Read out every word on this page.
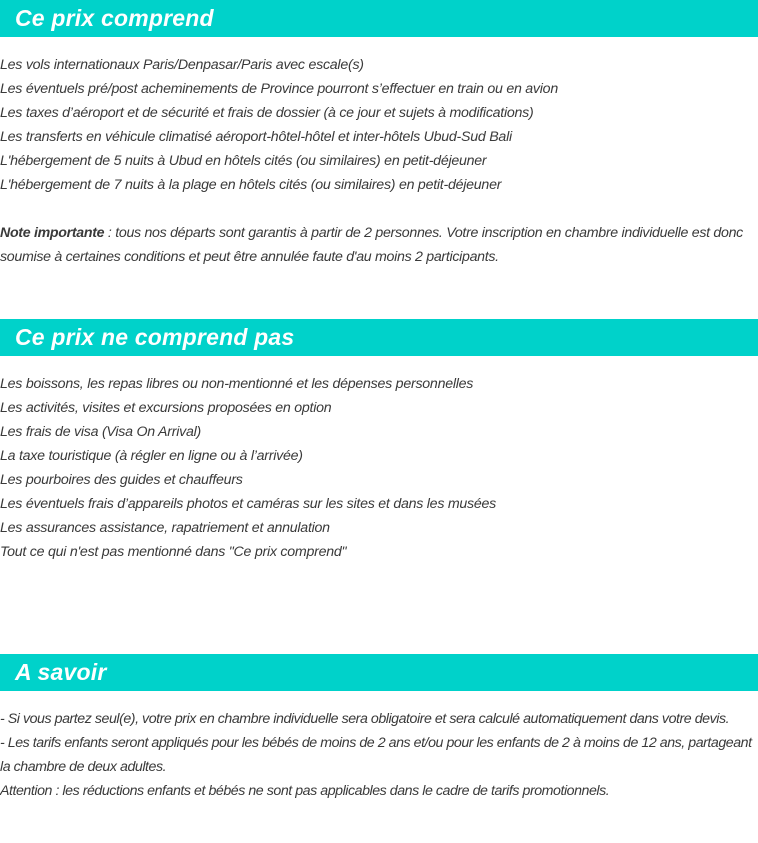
Ce prix comprend
Les vols internationaux Paris/Denpasar/Paris avec escale(s)
Les éventuels pré/post acheminements de Province pourront s’effectuer en train ou en avion
Les taxes d’aéroport et de sécurité et frais de dossier (à ce jour et sujets à modifications)
Les transferts en véhicule climatisé aéroport-hôtel-hôtel et inter-hôtels Ubud-Sud Bali
L'hébergement de 5 nuits à Ubud en hôtels cités (ou similaires) en petit-déjeuner
L'hébergement de 7 nuits à la plage en hôtels cités (ou similaires) en petit-déjeuner

Note importante : tous nos départs sont garantis à partir de 2 personnes. Votre inscription en chambre individuelle est donc soumise à certaines conditions et peut être annulée faute d'au moins 2 participants.

Ce prix ne comprend pas
Les boissons, les repas libres ou non-mentionné et les dépenses personnelles
Les activités, visites et excursions proposées en option
Les frais de visa (Visa On Arrival)
La taxe touristique (à régler en ligne ou à l’arrivée)
Les pourboires des guides et chauffeurs
Les éventuels frais d’appareils photos et caméras sur les sites et dans les musées
Les assurances assistance, rapatriement et annulation
Tout ce qui n'est pas mentionné dans "Ce prix comprend"
A savoir
- Si vous partez seul(e), votre prix en chambre individuelle sera obligatoire et sera calculé automatiquement dans votre devis.
- Les tarifs enfants seront appliqués pour les bébés de moins de 2 ans et/ou pour les enfants de 2 à moins de 12 ans, partageant la chambre de deux adultes.
Attention : les réductions enfants et bébés ne sont pas applicables dans le cadre de tarifs promotionnels.
